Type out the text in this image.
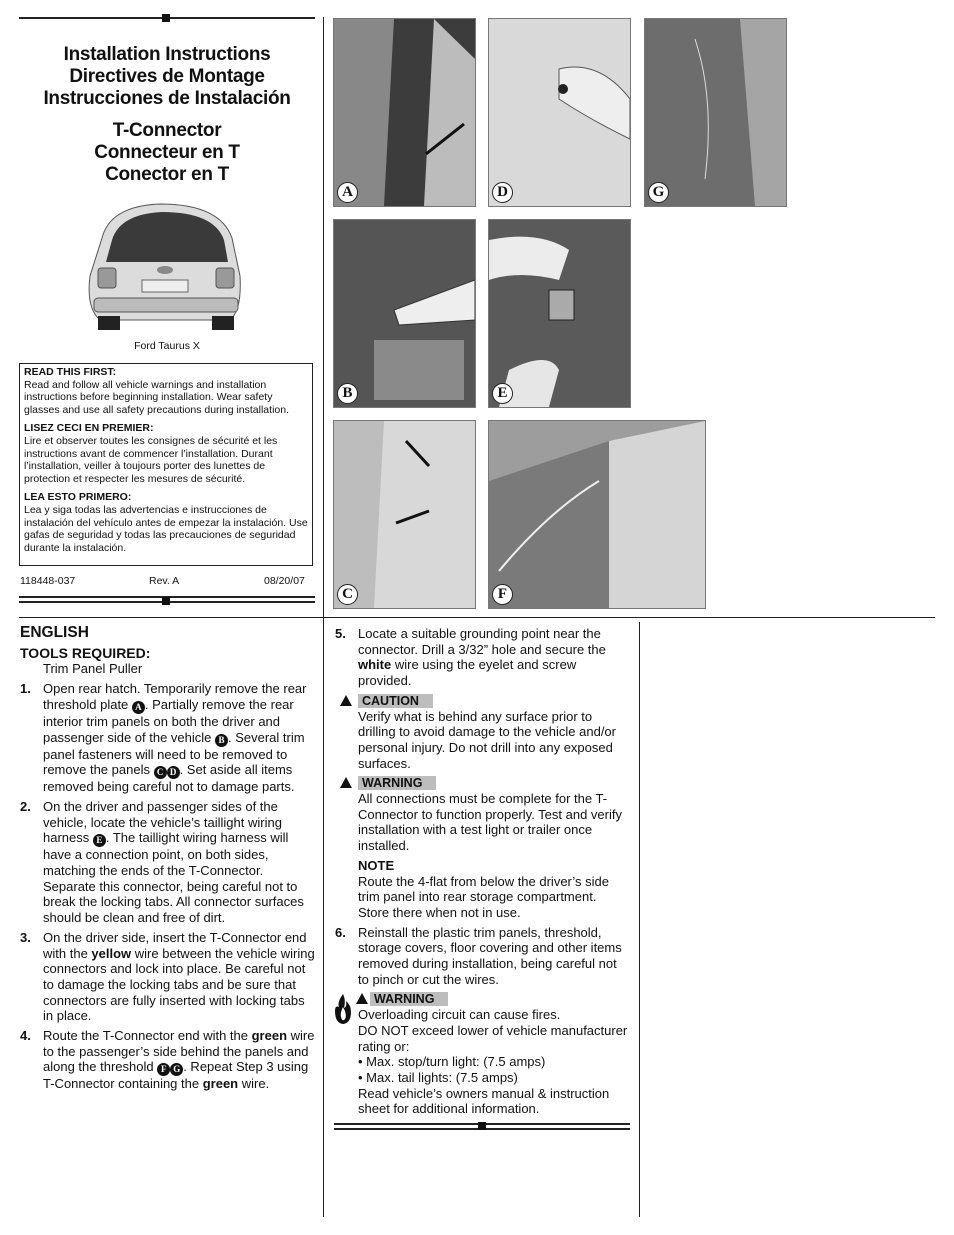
Installation Instructions
Directives de Montage
Instrucciones de Instalación
T-Connector
Connecteur en T
Conector en T
Ford Taurus X
READ THIS FIRST:
Read and follow all vehicle warnings and installation instructions before beginning installation. Wear safety glasses and use all safety precautions during installation.
LISEZ CECI EN PREMIER:
Lire et observer toutes les consignes de sécurité et les instructions avant de commencer l’installation. Durant l’installation, veiller à toujours porter des lunettes de protection et respecter les mesures de sécurité.
LEA ESTO PRIMERO:
Lea y siga todas las advertencias e instrucciones de instalación del vehículo antes de empezar la instalación. Use gafas de seguridad y todas las precauciones de seguridad durante la instalación.
118448-037	Rev. A	08/20/07
A	D	G
B	E
C	F
ENGLISH
TOOLS REQUIRED:
Trim Panel Puller
1. Open rear hatch. Temporarily remove the rear threshold plate A . Partially remove the rear interior trim panels on both the driver and passenger side of the vehicle B . Several trim panel fasteners will need to be removed to remove the panels C D . Set aside all items removed being careful not to damage parts.
2. On the driver and passenger sides of the vehicle, locate the vehicle’s taillight wiring harness E . The taillight wiring harness will have a connection point, on both sides, matching the ends of the T-Connector. Separate this connector, being careful not to break the locking tabs. All connector surfaces should be clean and free of dirt.
3. On the driver side, insert the T-Connector end with the yellow wire between the vehicle wiring connectors and lock into place. Be careful not to damage the locking tabs and be sure that connectors are fully inserted with locking tabs in place.
4. Route the T-Connector end with the green wire to the passenger’s side behind the panels and along the threshold F G . Repeat Step 3 using T-Connector containing the green wire.
5. Locate a suitable grounding point near the connector. Drill a 3/32” hole and secure the white wire using the eyelet and screw provided.
CAUTION
Verify what is behind any surface prior to drilling to avoid damage to the vehicle and/or personal injury. Do not drill into any exposed surfaces.
WARNING
All connections must be complete for the T-Connector to function properly. Test and verify installation with a test light or trailer once installed.
NOTE
Route the 4-flat from below the driver’s side trim panel into rear storage compartment. Store there when not in use.
6. Reinstall the plastic trim panels, threshold, storage covers, floor covering and other items removed during installation, being careful not to pinch or cut the wires.
WARNING
Overloading circuit can cause fires.
DO NOT exceed lower of vehicle manufacturer rating or:
• Max. stop/turn light: (7.5 amps)
• Max. tail lights: (7.5 amps)
Read vehicle’s owners manual & instruction sheet for additional information.
